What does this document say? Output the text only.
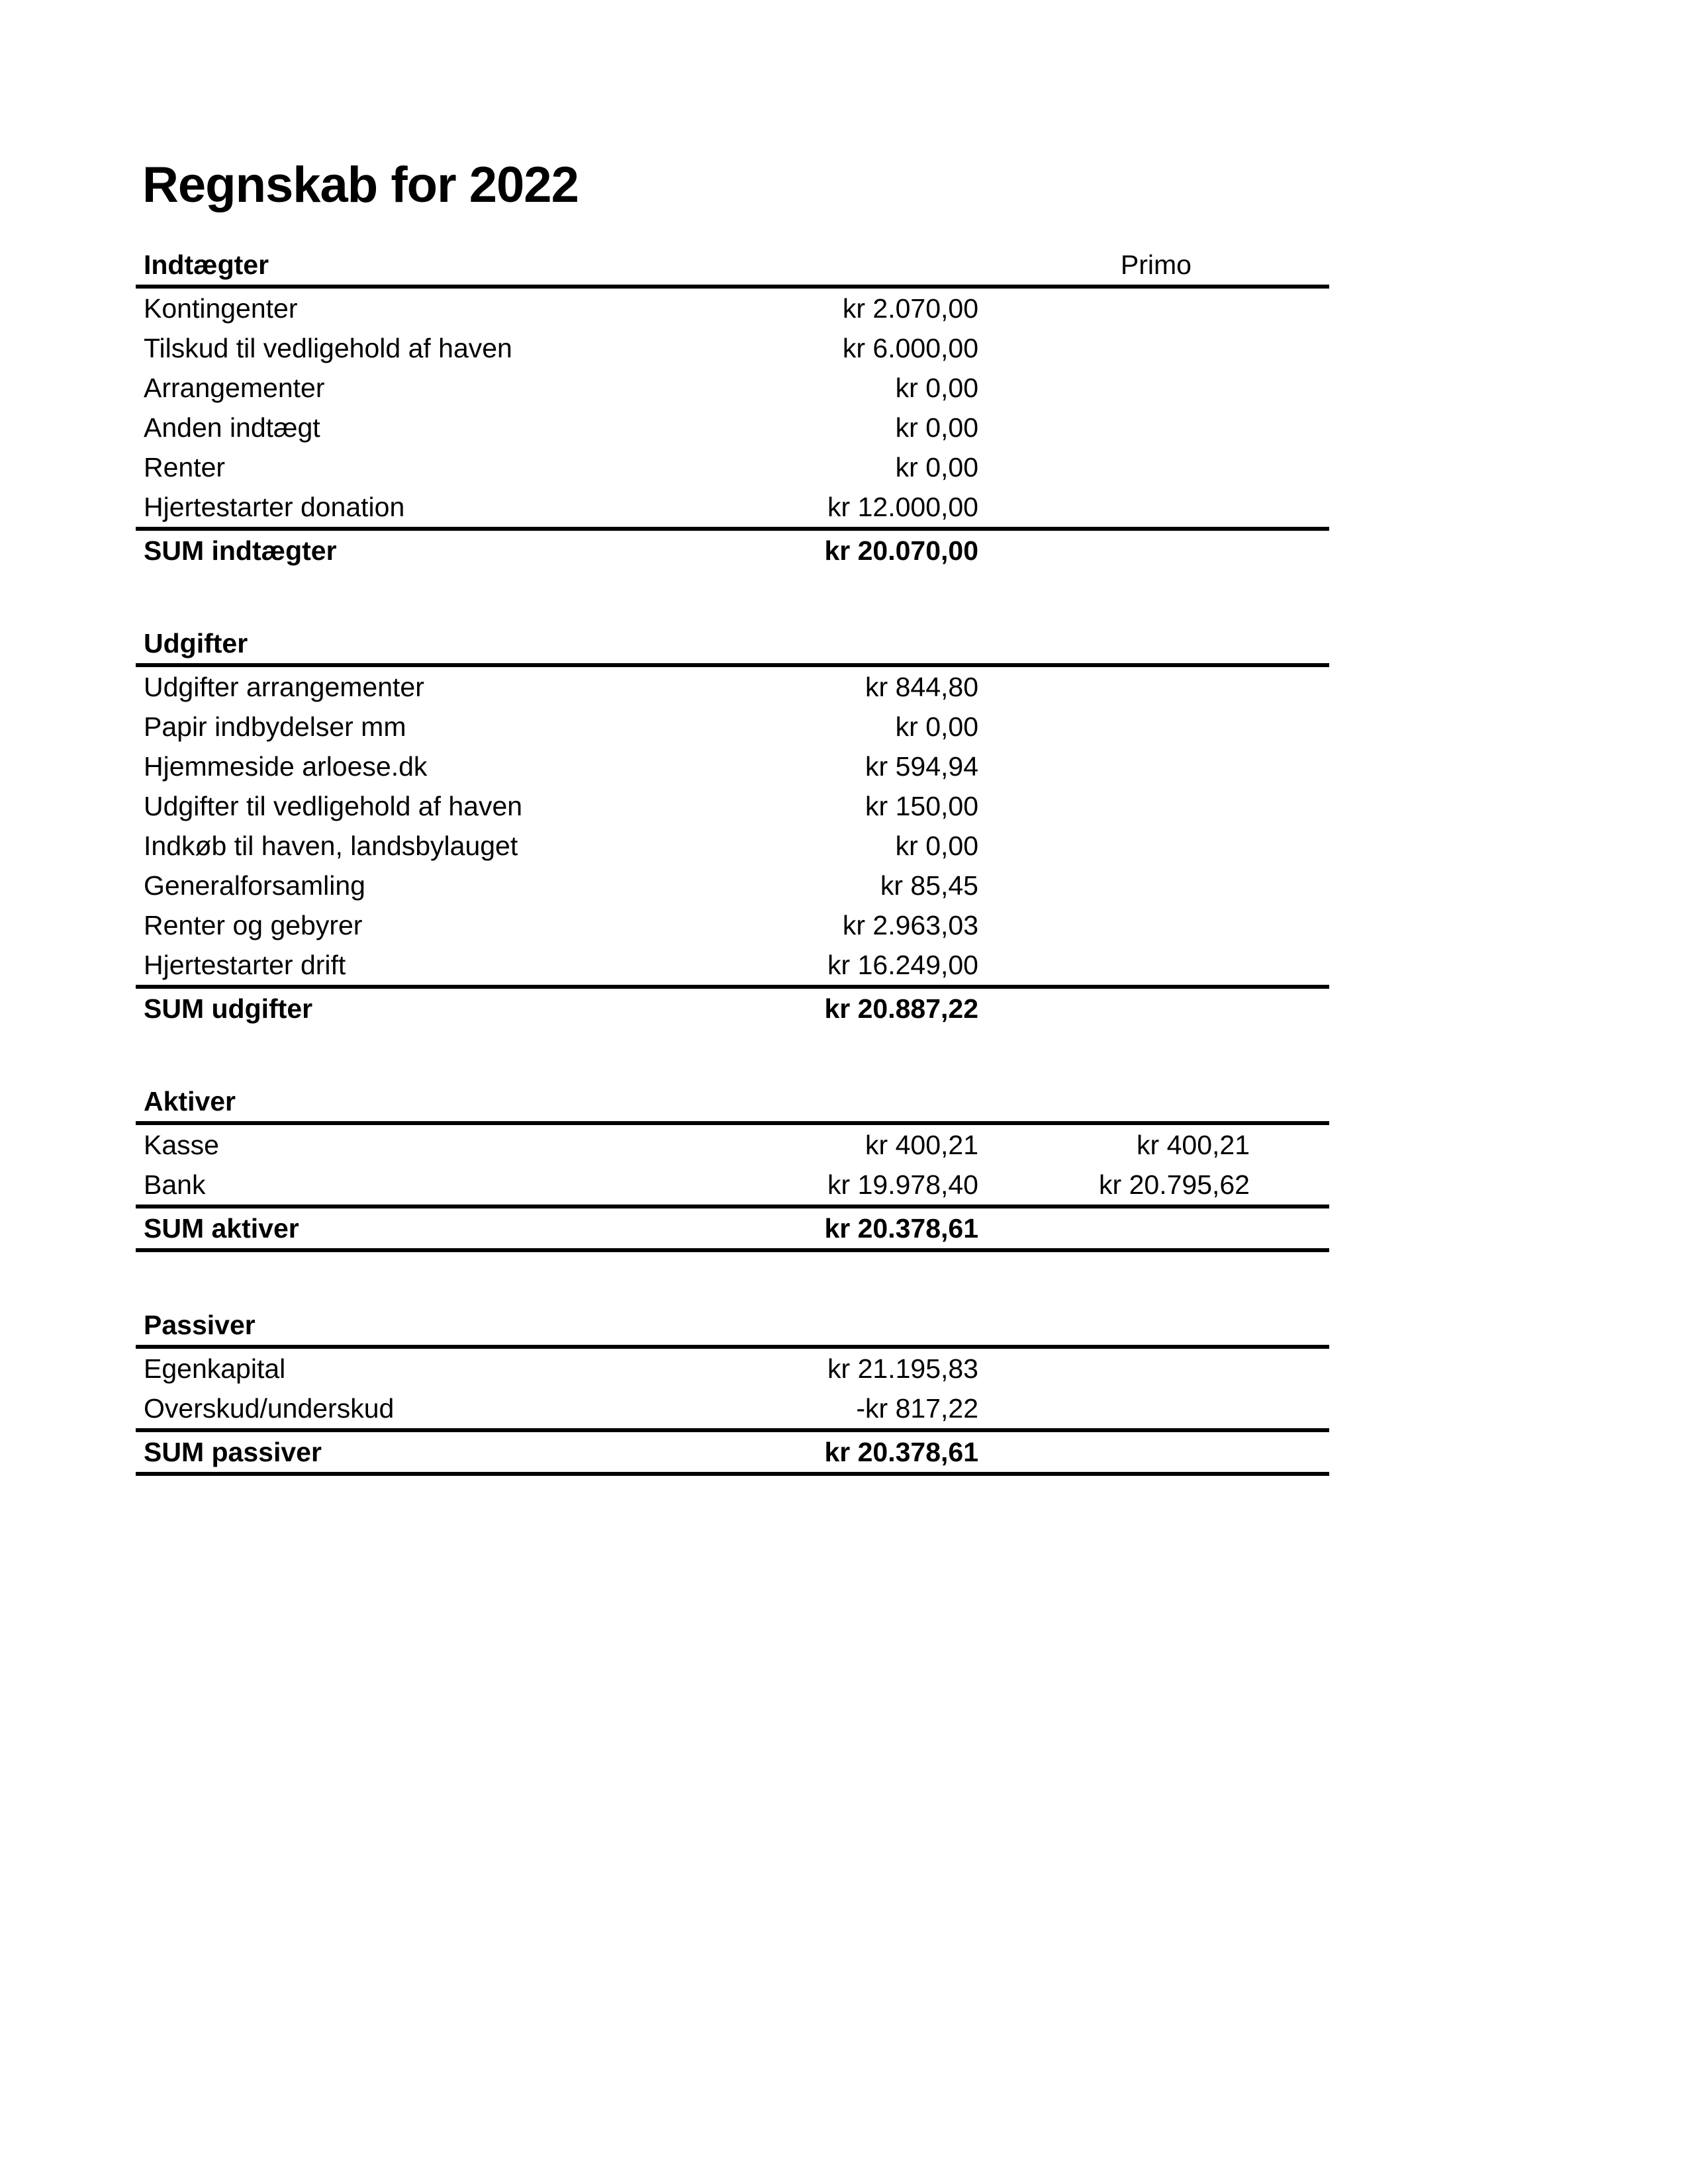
Regnskab for 2022
Indtægter	Primo
Kontingenter	kr 2.070,00
Tilskud til vedligehold af haven	kr 6.000,00
Arrangementer	kr 0,00
Anden indtægt	kr 0,00
Renter	kr 0,00
Hjertestarter donation	kr 12.000,00
SUM indtægter	kr 20.070,00
Udgifter
Udgifter arrangementer	kr 844,80
Papir indbydelser mm	kr 0,00
Hjemmeside arloese.dk	kr 594,94
Udgifter til vedligehold af haven	kr 150,00
Indkøb til haven, landsbylauget	kr 0,00
Generalforsamling	kr 85,45
Renter og gebyrer	kr 2.963,03
Hjertestarter drift	kr 16.249,00
SUM udgifter	kr 20.887,22
Aktiver
Kasse	kr 400,21	kr 400,21
Bank	kr 19.978,40	kr 20.795,62
SUM aktiver	kr 20.378,61
Passiver
Egenkapital	kr 21.195,83
Overskud/underskud	-kr 817,22
SUM passiver	kr 20.378,61
